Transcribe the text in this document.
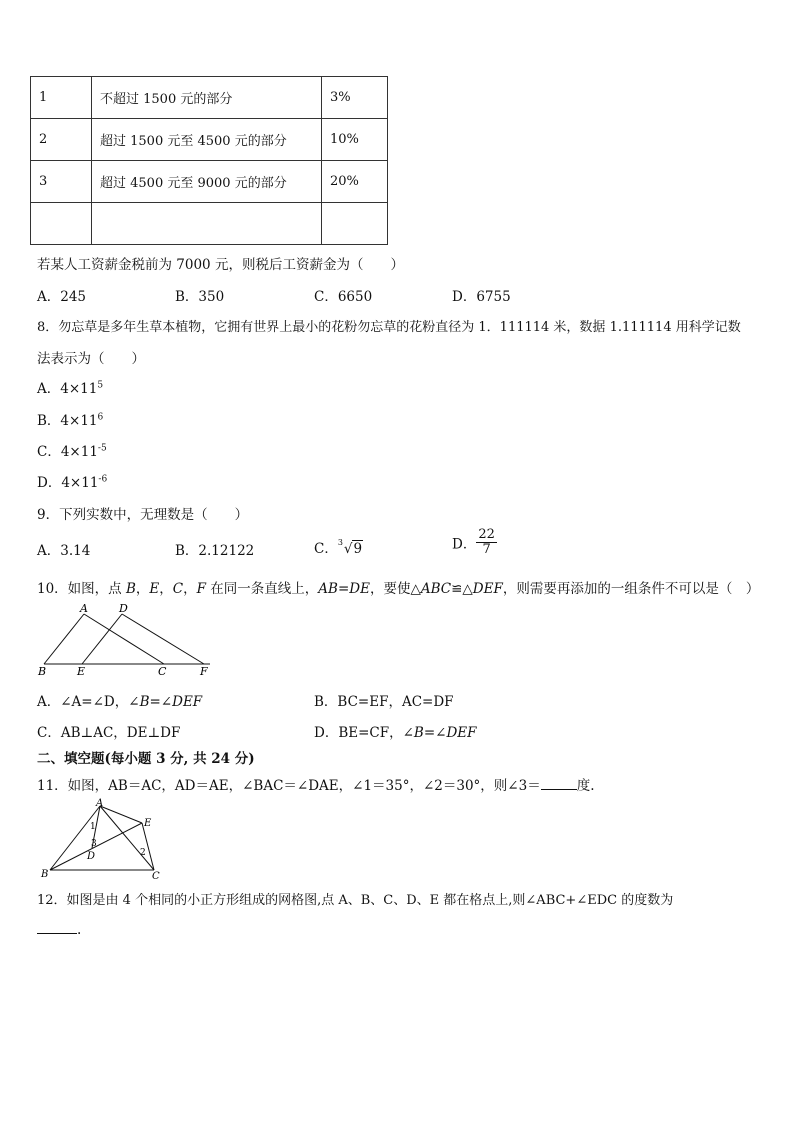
1	不超过 1500 元的部分	3%
2	超过 1500 元至 4500 元的部分	10%
3	超过 4500 元至 9000 元的部分	20%

若某人工资薪金税前为 7000 元，则税后工资薪金为（　　）
A．245	B．350	C．6650	D．6755
8．勿忘草是多年生草本植物，它拥有世界上最小的花粉勿忘草的花粉直径为 1．111114 米，数据 1.111114 用科学记数
法表示为（　　）
A．$4\times 11^5$
B．$4\times 11^6$
C．$4\times 11^{-5}$
D．$4\times 11^{-6}$
9．下列实数中，无理数是（　　）
A．3.14	B．2.12122	C． 3 √9	D． $\frac{22}{7}$
10．如图，点 B，E，C，F 在同一条直线上，AB=DE，要使△ABC≌△DEF，则需要再添加的一组条件不可以是（　）
A	D
B	E	C	F
A．∠A=∠D，∠B=∠DEF	B．BC=EF，AC=DF
C．AB⊥AC，DE⊥DF	D．BE=CF，∠B=∠DEF
二、填空题(每小题 3 分, 共 24 分)
11．如图，AB＝AC，AD＝AE，∠BAC＝∠DAE，∠1＝35°，∠2＝30°，则∠3＝	度.
A
B	C
D
E
1
2
3
12．如图是由 4 个相同的小正方形组成的网格图,点 A、B、C、D、E 都在格点上,则∠ABC+∠EDC 的度数为
.
